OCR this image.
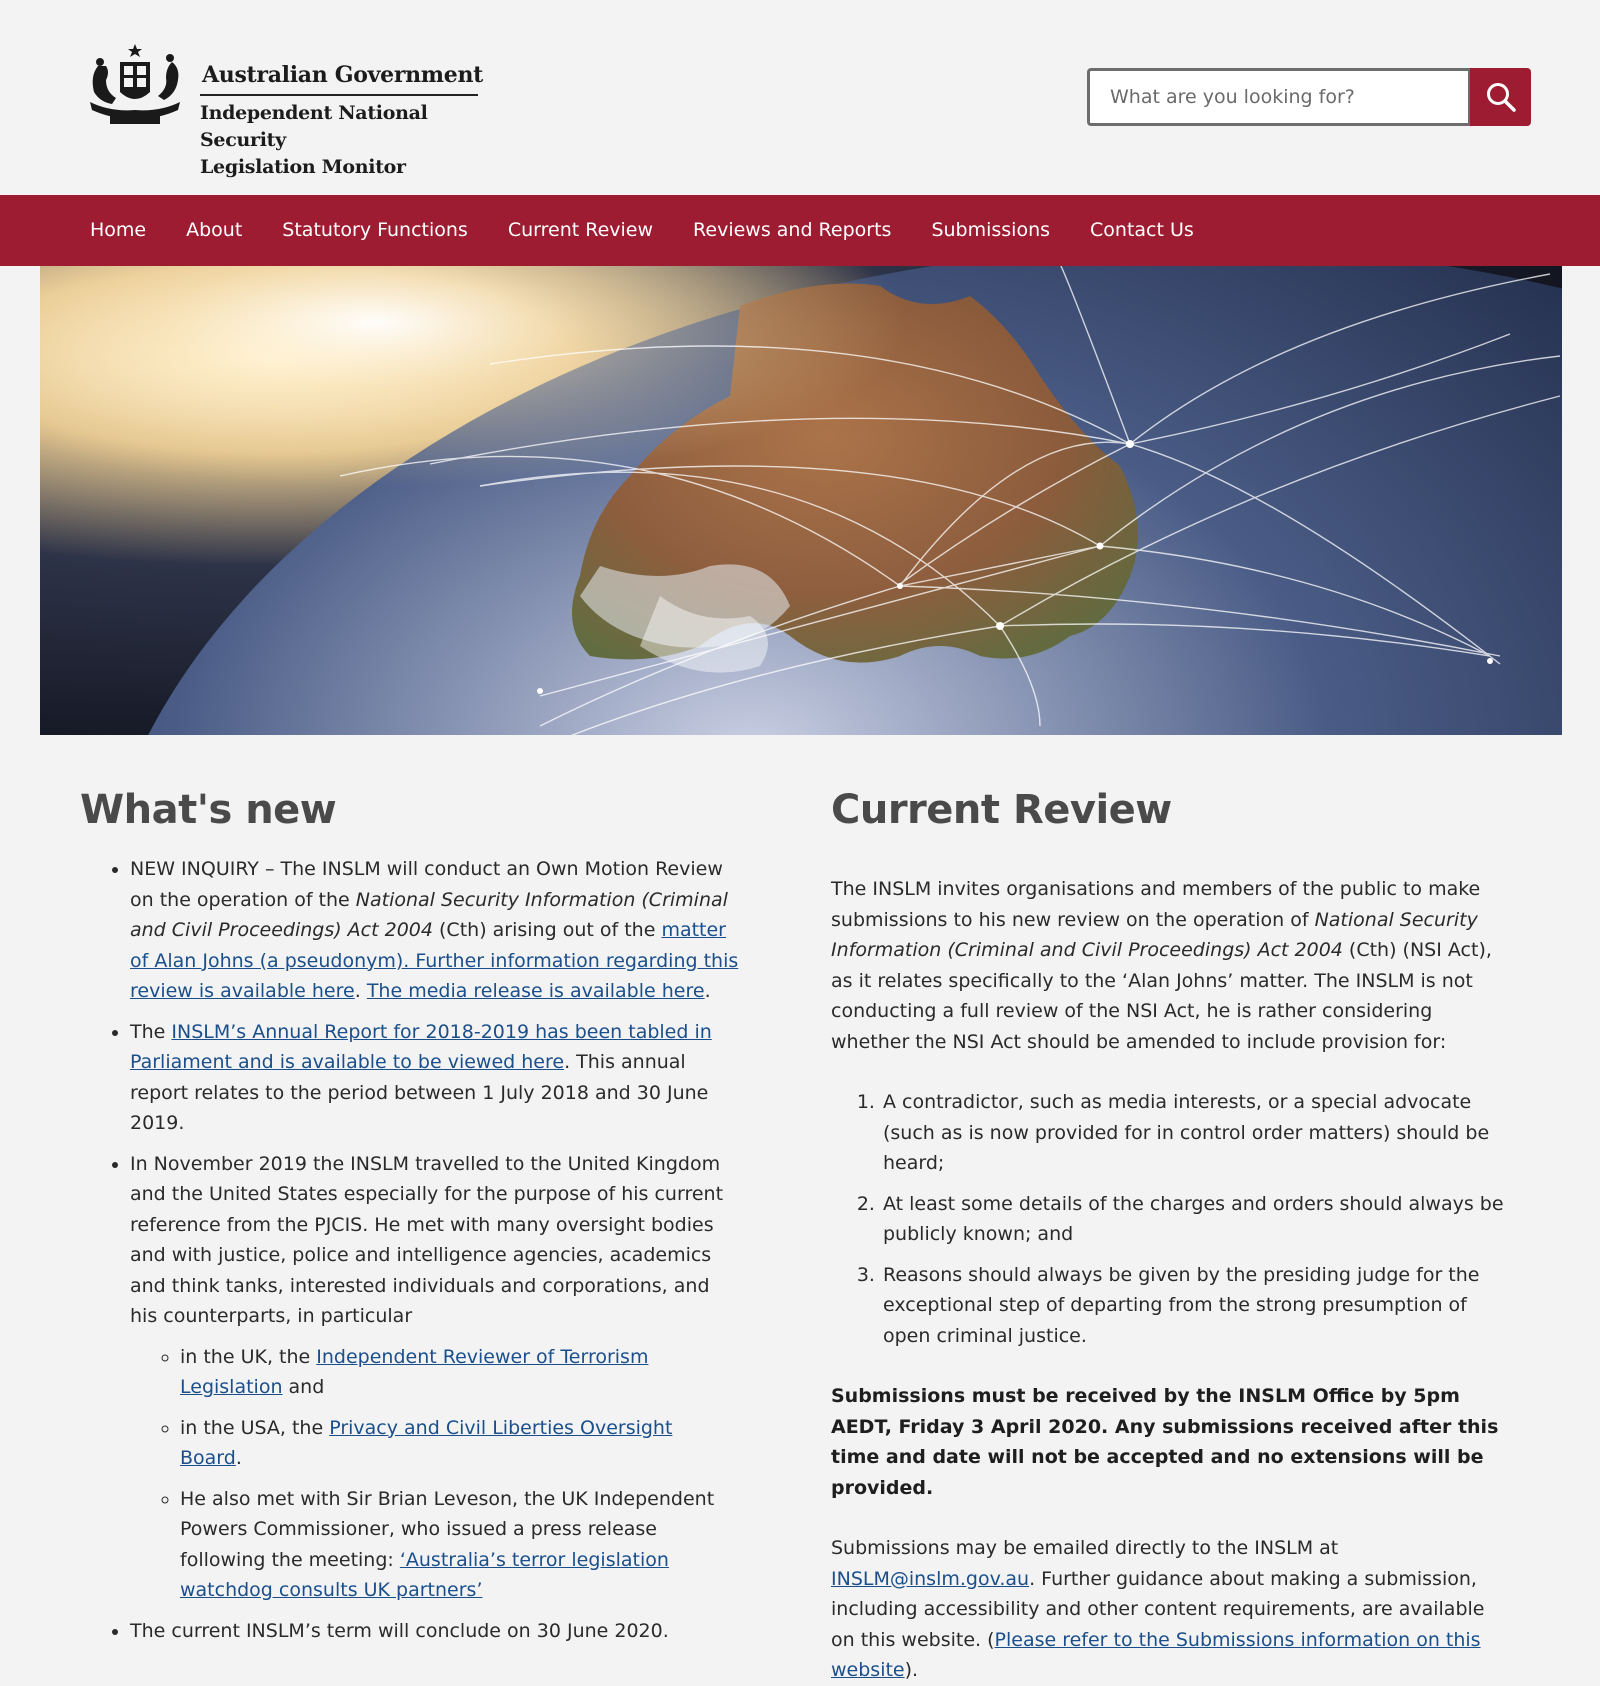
Australian Government
Independent National Security
Legislation Monitor
What are you looking for?
Home	About	Statutory Functions	Current Review	Reviews and Reports	Submissions	Contact Us
What's new
• NEW INQUIRY – The INSLM will conduct an Own Motion Review on the operation of the National Security Information (Criminal and Civil Proceedings) Act 2004 (Cth) arising out of the matter of Alan Johns (a pseudonym). Further information regarding this review is available here. The media release is available here.
• The INSLM’s Annual Report for 2018-2019 has been tabled in Parliament and is available to be viewed here. This annual report relates to the period between 1 July 2018 and 30 June 2019.
• In November 2019 the INSLM travelled to the United Kingdom and the United States especially for the purpose of his current reference from the PJCIS. He met with many oversight bodies and with justice, police and intelligence agencies, academics and think tanks, interested individuals and corporations, and his counterparts, in particular
◦ in the UK, the Independent Reviewer of Terrorism Legislation and
◦ in the USA, the Privacy and Civil Liberties Oversight Board.
◦ He also met with Sir Brian Leveson, the UK Independent Powers Commissioner, who issued a press release following the meeting: ‘Australia’s terror legislation watchdog consults UK partners’
• The current INSLM’s term will conclude on 30 June 2020.
Current Review

The INSLM invites organisations and members of the public to make submissions to his new review on the operation of National Security Information (Criminal and Civil Proceedings) Act 2004 (Cth) (NSI Act), as it relates specifically to the ‘Alan Johns’ matter. The INSLM is not conducting a full review of the NSI Act, he is rather considering whether the NSI Act should be amended to include provision for:

1. A contradictor, such as media interests, or a special advocate (such as is now provided for in control order matters) should be heard;
2. At least some details of the charges and orders should always be publicly known; and
3. Reasons should always be given by the presiding judge for the exceptional step of departing from the strong presumption of open criminal justice.

Submissions must be received by the INSLM Office by 5pm AEDT, Friday 3 April 2020. Any submissions received after this time and date will not be accepted and no extensions will be provided.

Submissions may be emailed directly to the INSLM at INSLM@inslm.gov.au. Further guidance about making a submission, including accessibility and other content requirements, are available on this website. (Please refer to the Submissions information on this website).
